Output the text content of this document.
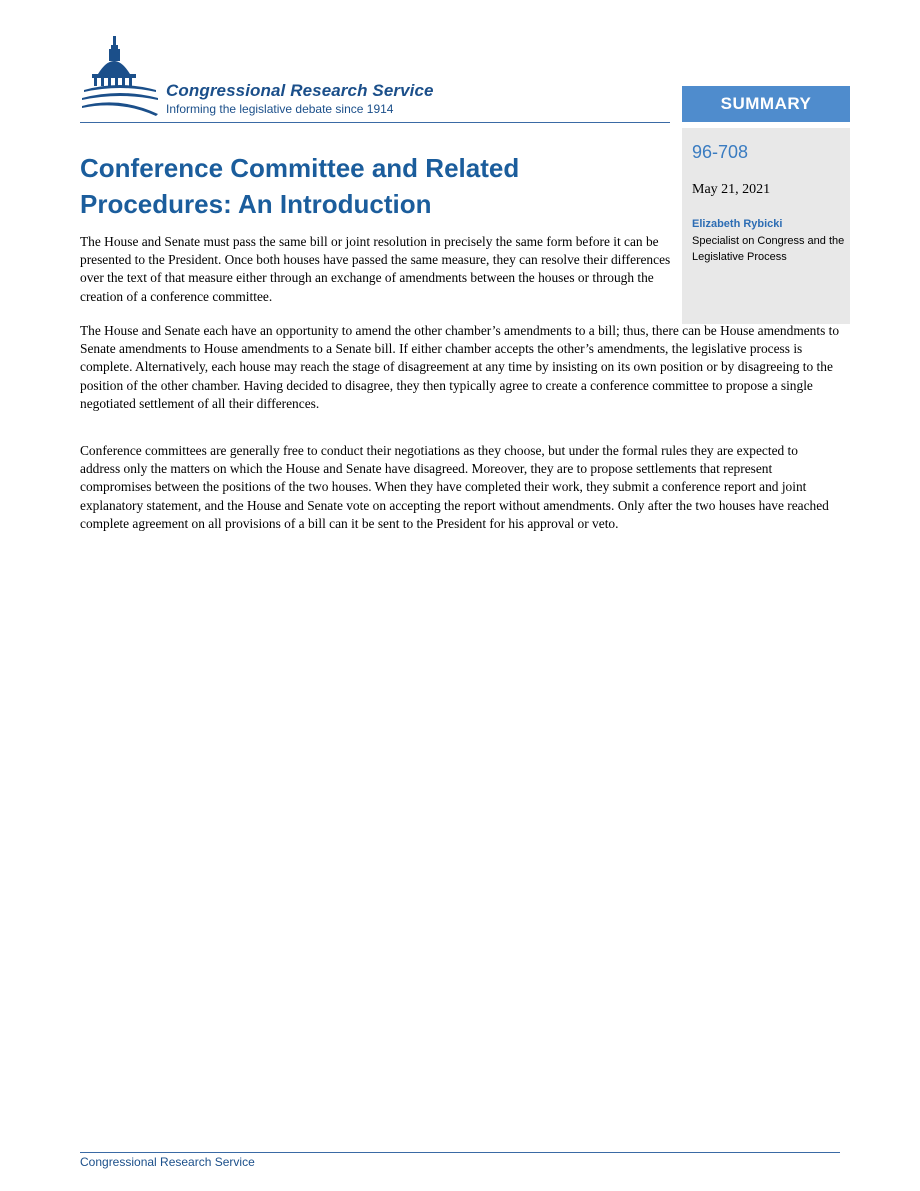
Congressional Research Service

Informing the legislative debate since 1914	SUMMARY
96-708
May 21, 2021
Elizabeth Rybicki
Specialist on Congress and the Legislative Process
Conference Committee and Related Procedures: An Introduction

The House and Senate must pass the same bill or joint resolution in precisely the same form before it can be presented to the President. Once both houses have passed the same measure, they can resolve their differences over the text of that measure either through an exchange of amendments between the houses or through the creation of a conference committee.

The House and Senate each have an opportunity to amend the other chamber’s amendments to a bill; thus, there can be House amendments to Senate amendments to House amendments to a Senate bill. If either chamber accepts the other’s amendments, the legislative process is complete. Alternatively, each house may reach the stage of disagreement at any time by insisting on its own position or by disagreeing to the position of the other chamber. Having decided to disagree, they then typically agree to create a conference committee to propose a single negotiated settlement of all their differences.

Conference committees are generally free to conduct their negotiations as they choose, but under the formal rules they are expected to address only the matters on which the House and Senate have disagreed. Moreover, they are to propose settlements that represent compromises between the positions of the two houses. When they have completed their work, they submit a conference report and joint explanatory statement, and the House and Senate vote on accepting the report without amendments. Only after the two houses have reached complete agreement on all provisions of a bill can it be sent to the President for his approval or veto.

Congressional Research Service
